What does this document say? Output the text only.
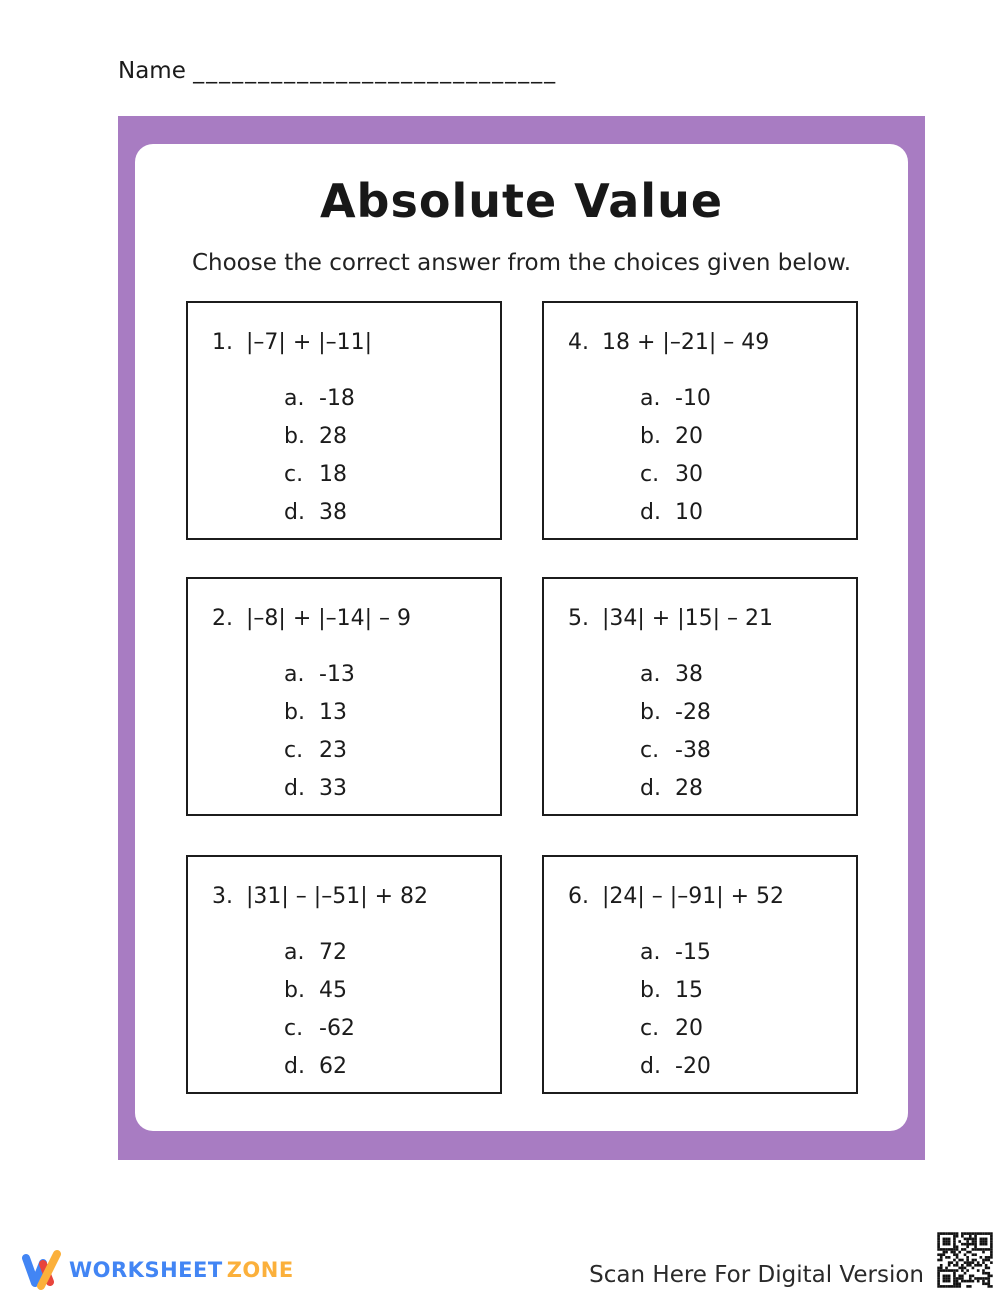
Name ____________________________
Absolute Value
Choose the correct answer from the choices given below.
1. |–7| + |–11|
a. -18
b. 28
c. 18
d. 38
2. |–8| + |–14| – 9
a. -13
b. 13
c. 23
d. 33
3. |31| – |–51| + 82
a. 72
b. 45
c. -62
d. 62
4. 18 + |–21| – 49
a. -10
b. 20
c. 30
d. 10
5. |34| + |15| – 21
a. 38
b. -28
c. -38
d. 28
6. |24| – |–91| + 52
a. -15
b. 15
c. 20
d. -20
WORKSHEET ZONE	Scan Here For Digital Version
